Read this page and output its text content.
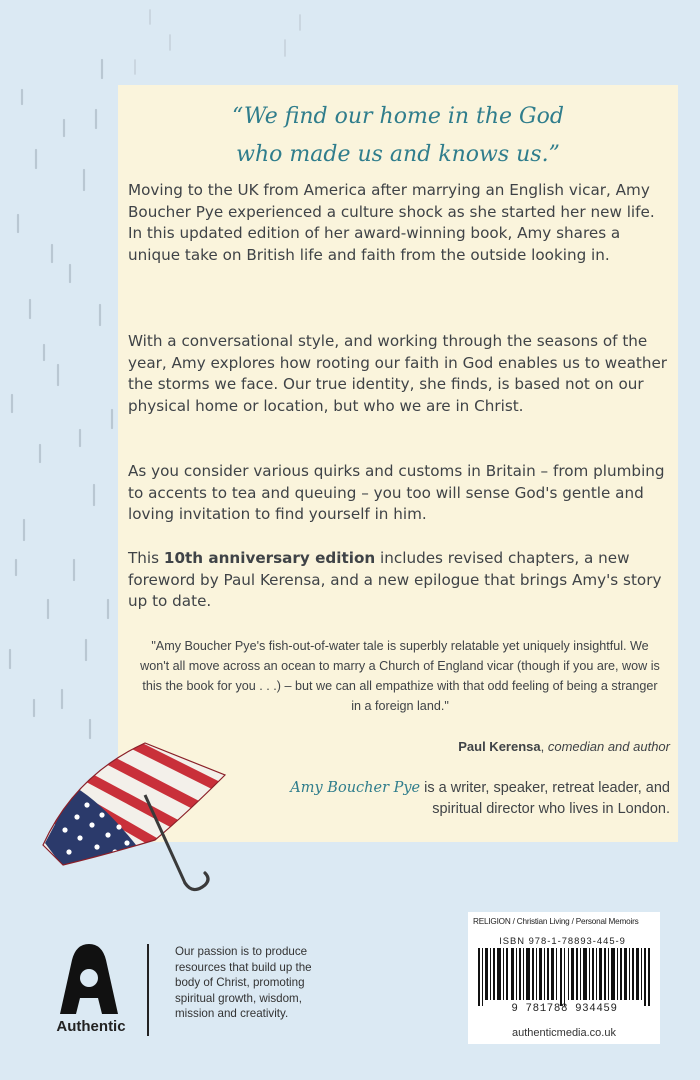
“We find our home in the God
who made us and knows us.”
Moving to the UK from America after marrying an English vicar, Amy Boucher Pye experienced a culture shock as she started her new life. In this updated edition of her award-winning book, Amy shares a unique take on British life and faith from the outside looking in.
With a conversational style, and working through the seasons of the year, Amy explores how rooting our faith in God enables us to weather the storms we face. Our true identity, she finds, is based not on our physical home or location, but who we are in Christ.
As you consider various quirks and customs in Britain – from plumbing to accents to tea and queuing – you too will sense God's gentle and loving invitation to find yourself in him.
This 10th anniversary edition includes revised chapters, a new foreword by Paul Kerensa, and a new epilogue that brings Amy's story up to date.
"Amy Boucher Pye's fish-out-of-water tale is superbly relatable yet uniquely insightful. We won't all move across an ocean to marry a Church of England vicar (though if you are, wow is this the book for you . . .) – but we can all empathize with that odd feeling of being a stranger in a foreign land."
Paul Kerensa, comedian and author
Amy Boucher Pye is a writer, speaker, retreat leader, and spiritual director who lives in London.
Authentic
Our passion is to produce resources that build up the body of Christ, promoting spiritual growth, wisdom, mission and creativity.
RELIGION / Christian Living / Personal Memoirs
ISBN 978-1-78893-445-9
9 781788 934459
authenticmedia.co.uk
